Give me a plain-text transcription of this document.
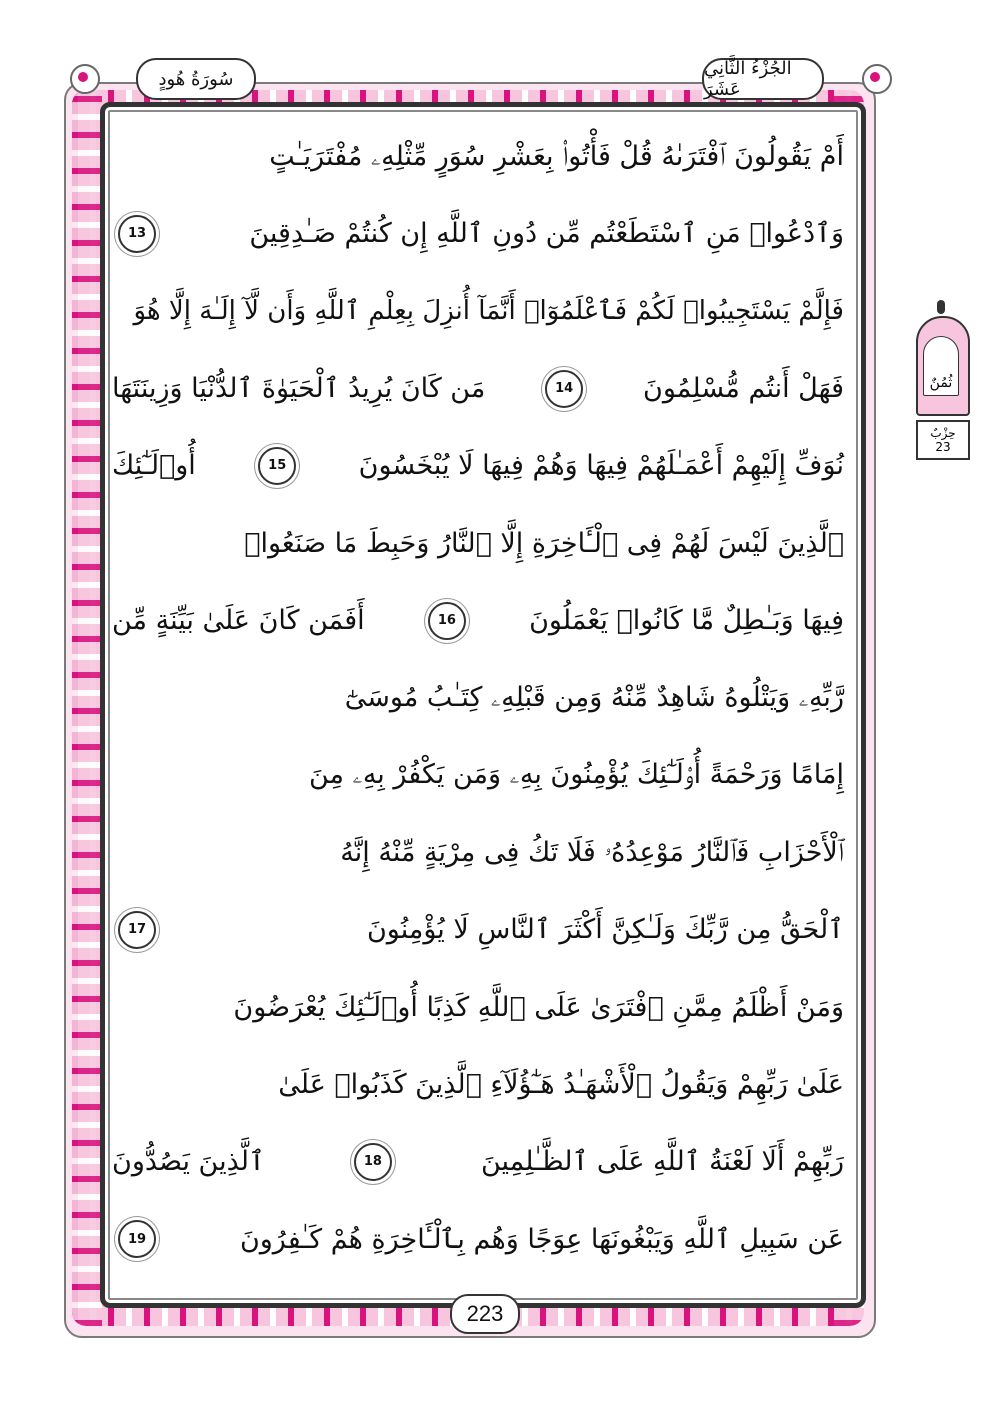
سُورَةُ هُودٍ	الجُزْءُ الثَّانِي عَشَرَ
أَمْ يَقُولُونَ ٱفْتَرَىٰهُ قُلْ فَأْتُوا۟ بِعَشْرِ سُوَرٍ مِّثْلِهِۦ مُفْتَرَيَـٰتٍ
وَٱدْعُوا۟ مَنِ ٱسْتَطَعْتُم مِّن دُونِ ٱللَّهِ إِن كُنتُمْ صَـٰدِقِينَ
13
فَإِلَّمْ يَسْتَجِيبُوا۟ لَكُمْ فَٱعْلَمُوٓا۟ أَنَّمَآ أُنزِلَ بِعِلْمِ ٱللَّهِ وَأَن لَّآ إِلَـٰهَ إِلَّا هُوَ
فَهَلْ أَنتُم مُّسْلِمُونَ
14
مَن كَانَ يُرِيدُ ٱلْحَيَوٰةَ ٱلدُّنْيَا وَزِينَتَهَا
نُوَفِّ إِلَيْهِمْ أَعْمَـٰلَهُمْ فِيهَا وَهُمْ فِيهَا لَا يُبْخَسُونَ
15
أُو۟لَـٰٓئِكَ
ٱلَّذِينَ لَيْسَ لَهُمْ فِى ٱلْـَٔاخِرَةِ إِلَّا ٱلنَّارُ وَحَبِطَ مَا صَنَعُوا۟
فِيهَا وَبَـٰطِلٌ مَّا كَانُوا۟ يَعْمَلُونَ
16
أَفَمَن كَانَ عَلَىٰ بَيِّنَةٍ مِّن
رَّبِّهِۦ وَيَتْلُوهُ شَاهِدٌ مِّنْهُ وَمِن قَبْلِهِۦ كِتَـٰبُ مُوسَىٰٓ
إِمَامًا وَرَحْمَةً أُو۟لَـٰٓئِكَ يُؤْمِنُونَ بِهِۦ وَمَن يَكْفُرْ بِهِۦ مِنَ
ٱلْأَحْزَابِ فَٱلنَّارُ مَوْعِدُهُۥ فَلَا تَكُ فِى مِرْيَةٍ مِّنْهُ إِنَّهُ
ٱلْحَقُّ مِن رَّبِّكَ وَلَـٰكِنَّ أَكْثَرَ ٱلنَّاسِ لَا يُؤْمِنُونَ
17
وَمَنْ أَظْلَمُ مِمَّنِ ٱفْتَرَىٰ عَلَى ٱللَّهِ كَذِبًا أُو۟لَـٰٓئِكَ يُعْرَضُونَ
عَلَىٰ رَبِّهِمْ وَيَقُولُ ٱلْأَشْهَـٰدُ هَـٰٓؤُلَآءِ ٱلَّذِينَ كَذَبُوا۟ عَلَىٰ
رَبِّهِمْ أَلَا لَعْنَةُ ٱللَّهِ عَلَى ٱلظَّـٰلِمِينَ
18
ٱلَّذِينَ يَصُدُّونَ
عَن سَبِيلِ ٱللَّهِ وَيَبْغُونَهَا عِوَجًا وَهُم بِٱلْـَٔاخِرَةِ هُمْ كَـٰفِرُونَ
19
ثُمُنٌ
حِزْبٌ
23
223
